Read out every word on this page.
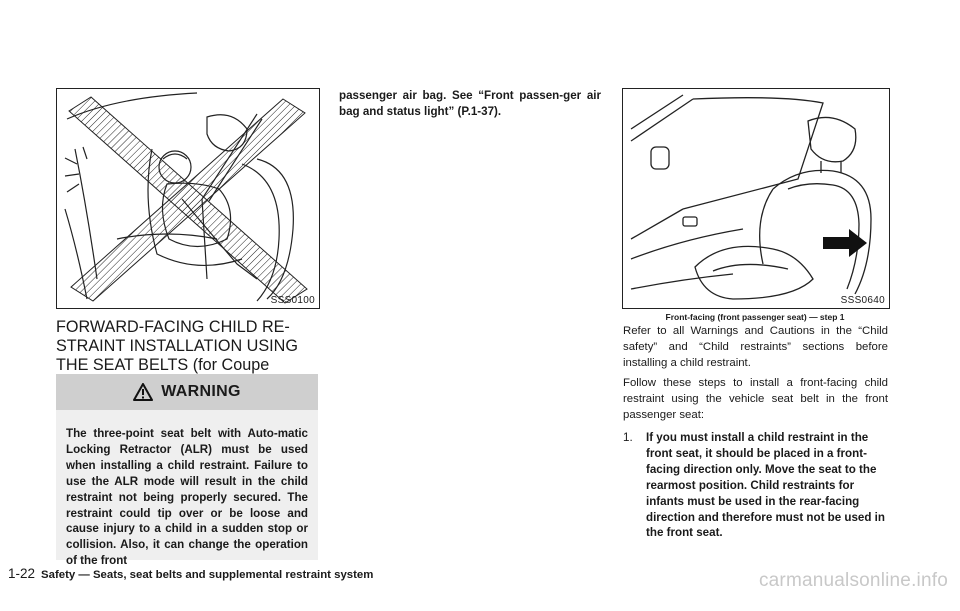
SSS0100
FORWARD-FACING CHILD RE-STRAINT INSTALLATION USING THE SEAT BELTS (for Coupe
WARNING
The three-point seat belt with Auto-matic Locking Retractor (ALR) must be used when installing a child restraint. Failure to use the ALR mode will result in the child restraint not being properly secured. The restraint could tip over or be loose and cause injury to a child in a sudden stop or collision. Also, it can change the operation of the front
passenger air bag. See “Front passen-ger air bag and status light” (P.1-37).
SSS0640
Front-facing (front passenger seat) — step 1
Refer to all Warnings and Cautions in the “Child safety” and “Child restraints” sections before installing a child restraint.
Follow these steps to install a front-facing child restraint using the vehicle seat belt in the front passenger seat:
1. If you must install a child restraint in the front seat, it should be placed in a front-facing direction only. Move the seat to the rearmost position. Child restraints for infants must be used in the rear-facing direction and therefore must not be used in the front seat.
1-22 Safety — Seats, seat belts and supplemental restraint system	carmanualsonline.info
